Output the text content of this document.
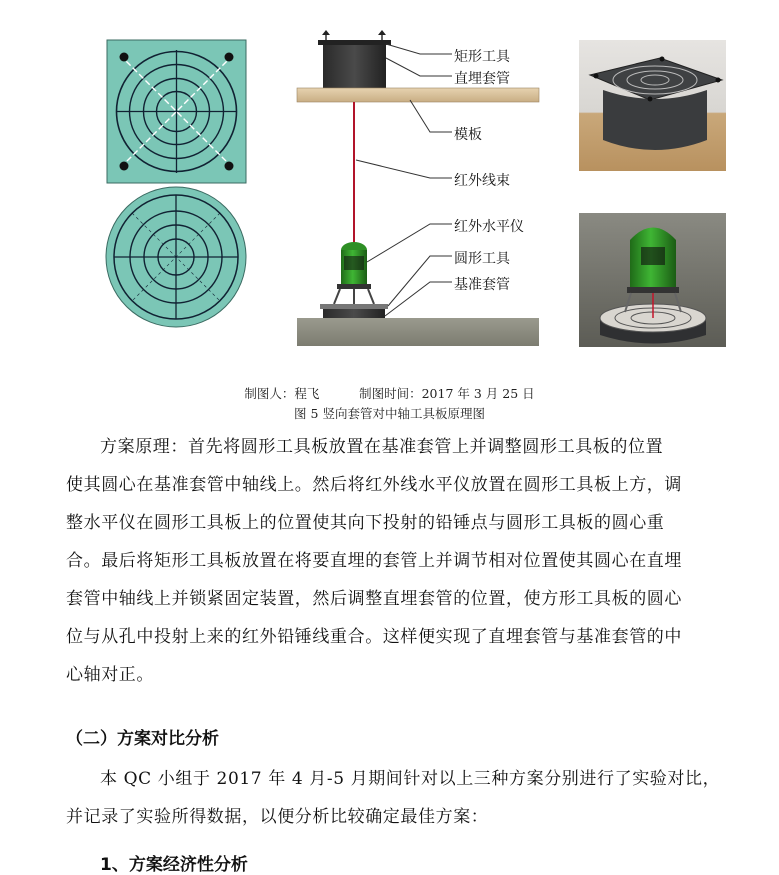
矩形工具
直埋套管
模板
红外线束
红外水平仪
圆形工具
基准套管
制图人：程飞          制图时间：2017 年 3 月 25 日
图 5 竖向套管对中轴工具板原理图
方案原理：首先将圆形工具板放置在基准套管上并调整圆形工具板的位置
使其圆心在基准套管中轴线上。然后将红外线水平仪放置在圆形工具板上方，调
整水平仪在圆形工具板上的位置使其向下投射的铅锤点与圆形工具板的圆心重
合。最后将矩形工具板放置在将要直埋的套管上并调节相对位置使其圆心在直埋
套管中轴线上并锁紧固定装置，然后调整直埋套管的位置，使方形工具板的圆心
位与从孔中投射上来的红外铅锤线重合。这样便实现了直埋套管与基准套管的中
心轴对正。
（二）方案对比分析
本 QC 小组于 2017 年 4 月-5 月期间针对以上三种方案分别进行了实验对比，
并记录了实验所得数据，以便分析比较确定最佳方案：
1、方案经济性分析
